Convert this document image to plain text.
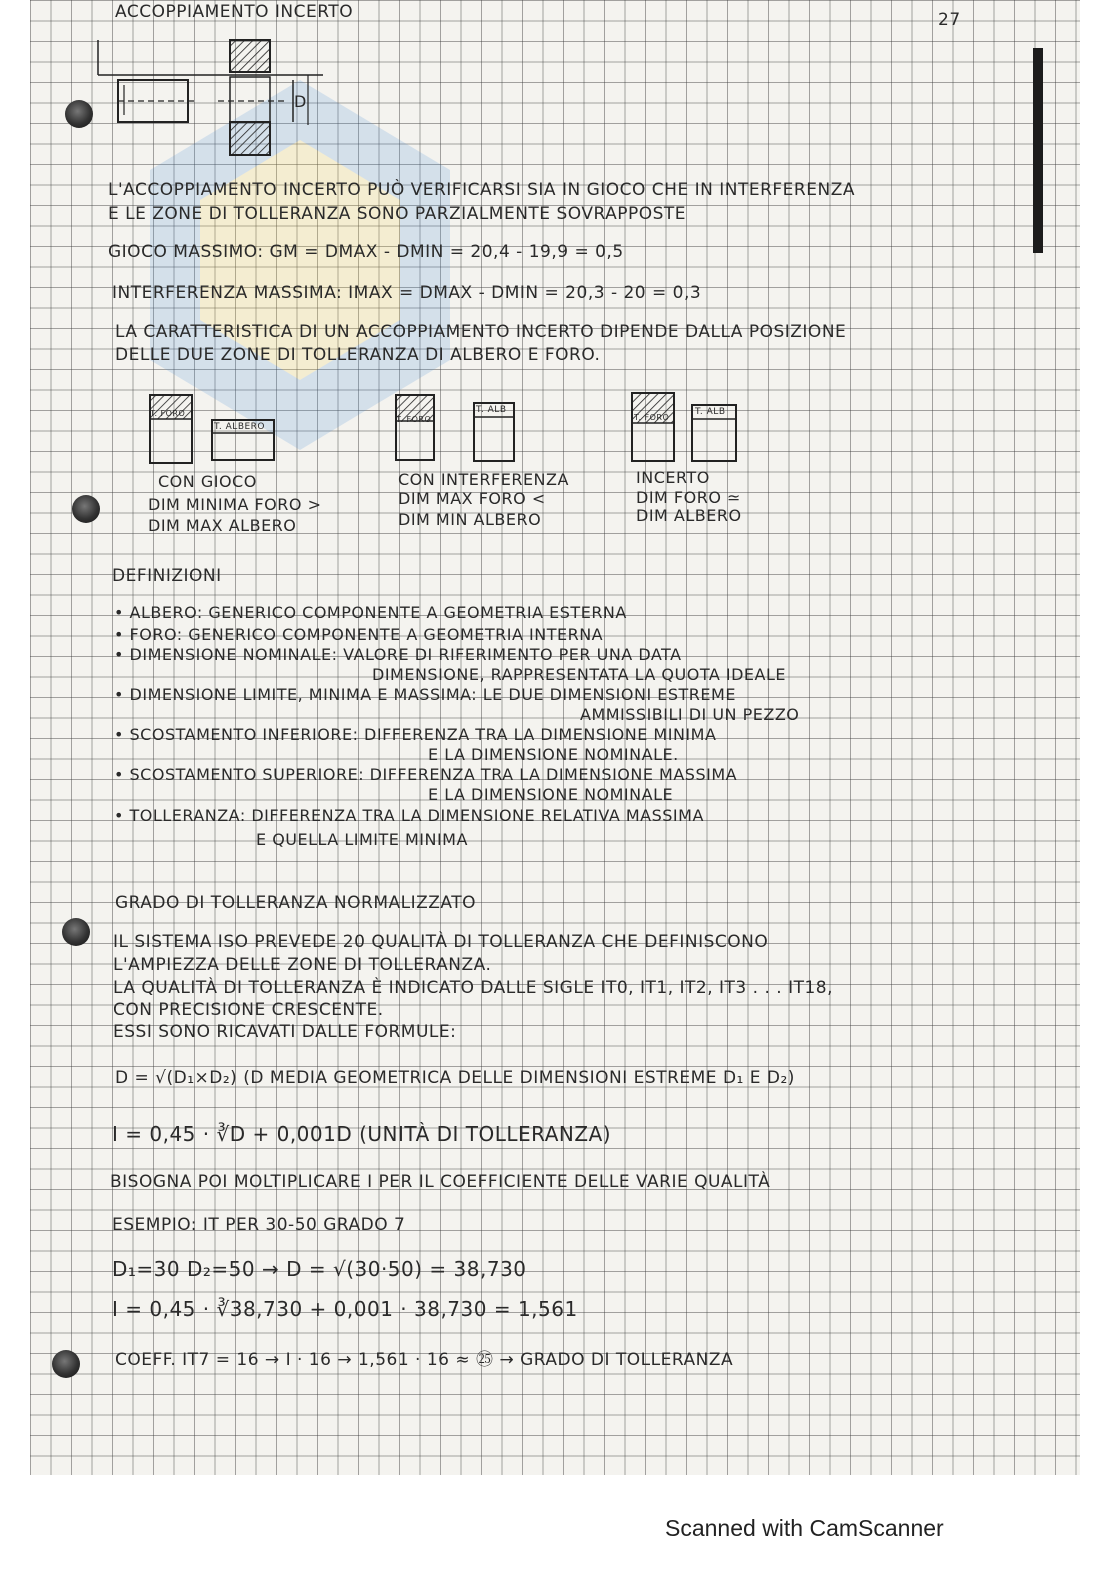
ACCOPPIAMENTO INCERTO	27
D
L'ACCOPPIAMENTO INCERTO PUÒ VERIFICARSI SIA IN GIOCO CHE IN INTERFERENZA
E LE ZONE DI TOLLERANZA SONO PARZIALMENTE SOVRAPPOSTE
GIOCO MASSIMO: GM = DMAX - DMIN = 20,4 - 19,9 = 0,5
INTERFERENZA MASSIMA: IMAX = DMAX - DMIN = 20,3 - 20 = 0,3
LA CARATTERISTICA DI UN ACCOPPIAMENTO INCERTO DIPENDE DALLA POSIZIONE
DELLE DUE ZONE DI TOLLERANZA DI ALBERO E FORO.
T. FORO
T. ALBERO
T. FORO
T. ALB
T. FORO
T. ALB
CON GIOCO
DIM MINIMA FORO >
DIM MAX ALBERO
CON INTERFERENZA
DIM MAX FORO <
DIM MIN ALBERO
INCERTO
DIM FORO ≃
DIM ALBERO
DEFINIZIONI
• ALBERO: GENERICO COMPONENTE A GEOMETRIA ESTERNA
• FORO: GENERICO COMPONENTE A GEOMETRIA INTERNA
• DIMENSIONE NOMINALE: VALORE DI RIFERIMENTO PER UNA DATA
DIMENSIONE, RAPPRESENTATA LA QUOTA IDEALE
• DIMENSIONE LIMITE, MINIMA E MASSIMA: LE DUE DIMENSIONI ESTREME
AMMISSIBILI DI UN PEZZO
• SCOSTAMENTO INFERIORE: DIFFERENZA TRA LA DIMENSIONE MINIMA
E LA DIMENSIONE NOMINALE.
• SCOSTAMENTO SUPERIORE: DIFFERENZA TRA LA DIMENSIONE MASSIMA
E LA DIMENSIONE NOMINALE
• TOLLERANZA: DIFFERENZA TRA LA DIMENSIONE RELATIVA MASSIMA
E QUELLA LIMITE MINIMA
GRADO DI TOLLERANZA NORMALIZZATO
IL SISTEMA ISO PREVEDE 20 QUALITÀ DI TOLLERANZA CHE DEFINISCONO
L'AMPIEZZA DELLE ZONE DI TOLLERANZA.
LA QUALITÀ DI TOLLERANZA È INDICATO DALLE SIGLE IT0, IT1, IT2, IT3 . . . IT18,
CON PRECISIONE CRESCENTE.
ESSI SONO RICAVATI DALLE FORMULE:
D = √(D₁×D₂) (D MEDIA GEOMETRICA DELLE DIMENSIONI ESTREME D₁ E D₂)
I = 0,45 · ∛D + 0,001D (UNITÀ DI TOLLERANZA)
BISOGNA POI MOLTIPLICARE I PER IL COEFFICIENTE DELLE VARIE QUALITÀ
ESEMPIO: IT PER 30-50 GRADO 7
D₁=30 D₂=50 → D = √(30·50) = 38,730
I = 0,45 · ∛38,730 + 0,001 · 38,730 = 1,561
COEFF. IT7 = 16 → I · 16 → 1,561 · 16 ≈ ㉕ → GRADO DI TOLLERANZA
Scanned with CamScanner
